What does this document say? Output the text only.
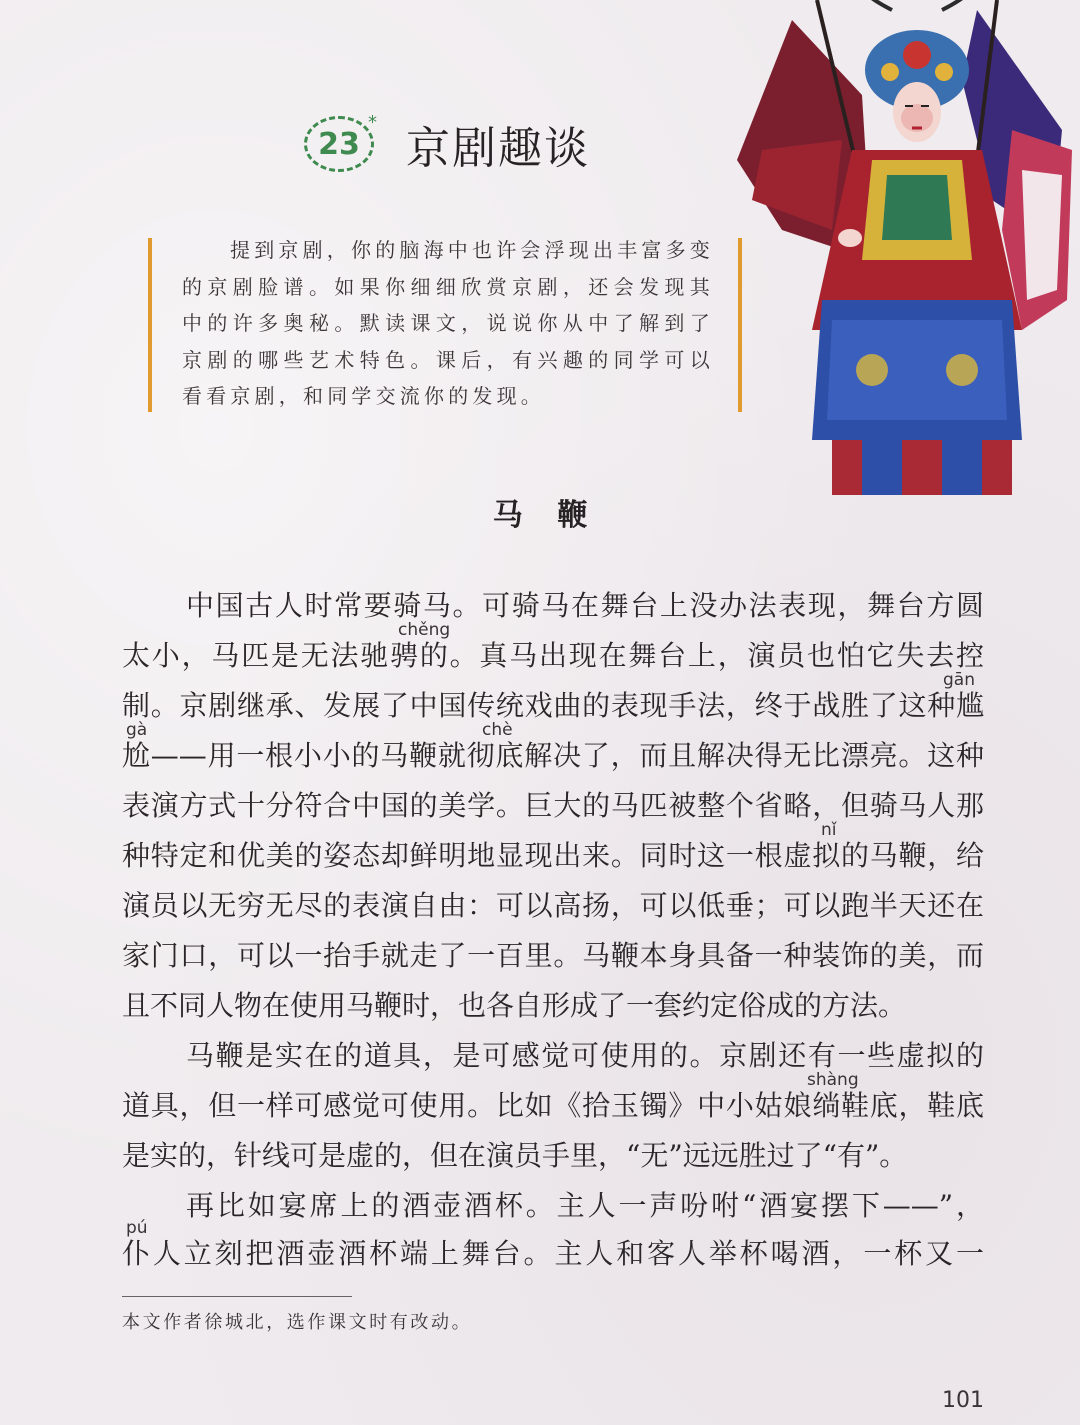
23
*
京剧趣谈
提到京剧，你的脑海中也许会浮现出丰富多变的京剧脸谱。如果你细细欣赏京剧，还会发现其中的许多奥秘。默读课文，说说你从中了解到了京剧的哪些艺术特色。课后，有兴趣的同学可以看看京剧，和同学交流你的发现。
马 鞭
chěng
gān
gà	chè
nǐ
shàng
pú
中国古人时常要骑马。可骑马在舞台上没办法表现，舞台方圆
太小，马匹是无法驰骋的。真马出现在舞台上，演员也怕它失去控
制。京剧继承、发展了中国传统戏曲的表现手法，终于战胜了这种尴
尬——用一根小小的马鞭就彻底解决了，而且解决得无比漂亮。这种
表演方式十分符合中国的美学。巨大的马匹被整个省略，但骑马人那
种特定和优美的姿态却鲜明地显现出来。同时这一根虚拟的马鞭，给
演员以无穷无尽的表演自由：可以高扬，可以低垂；可以跑半天还在
家门口，可以一抬手就走了一百里。马鞭本身具备一种装饰的美，而
且不同人物在使用马鞭时，也各自形成了一套约定俗成的方法。
马鞭是实在的道具，是可感觉可使用的。京剧还有一些虚拟的
道具，但一样可感觉可使用。比如《拾玉镯》中小姑娘绱鞋底，鞋底
是实的，针线可是虚的，但在演员手里，“无”远远胜过了“有”。
再比如宴席上的酒壶酒杯。主人一声吩咐“酒宴摆下——”，
仆人立刻把酒壶酒杯端上舞台。主人和客人举杯喝酒，一杯又一
本文作者徐城北，选作课文时有改动。
101
